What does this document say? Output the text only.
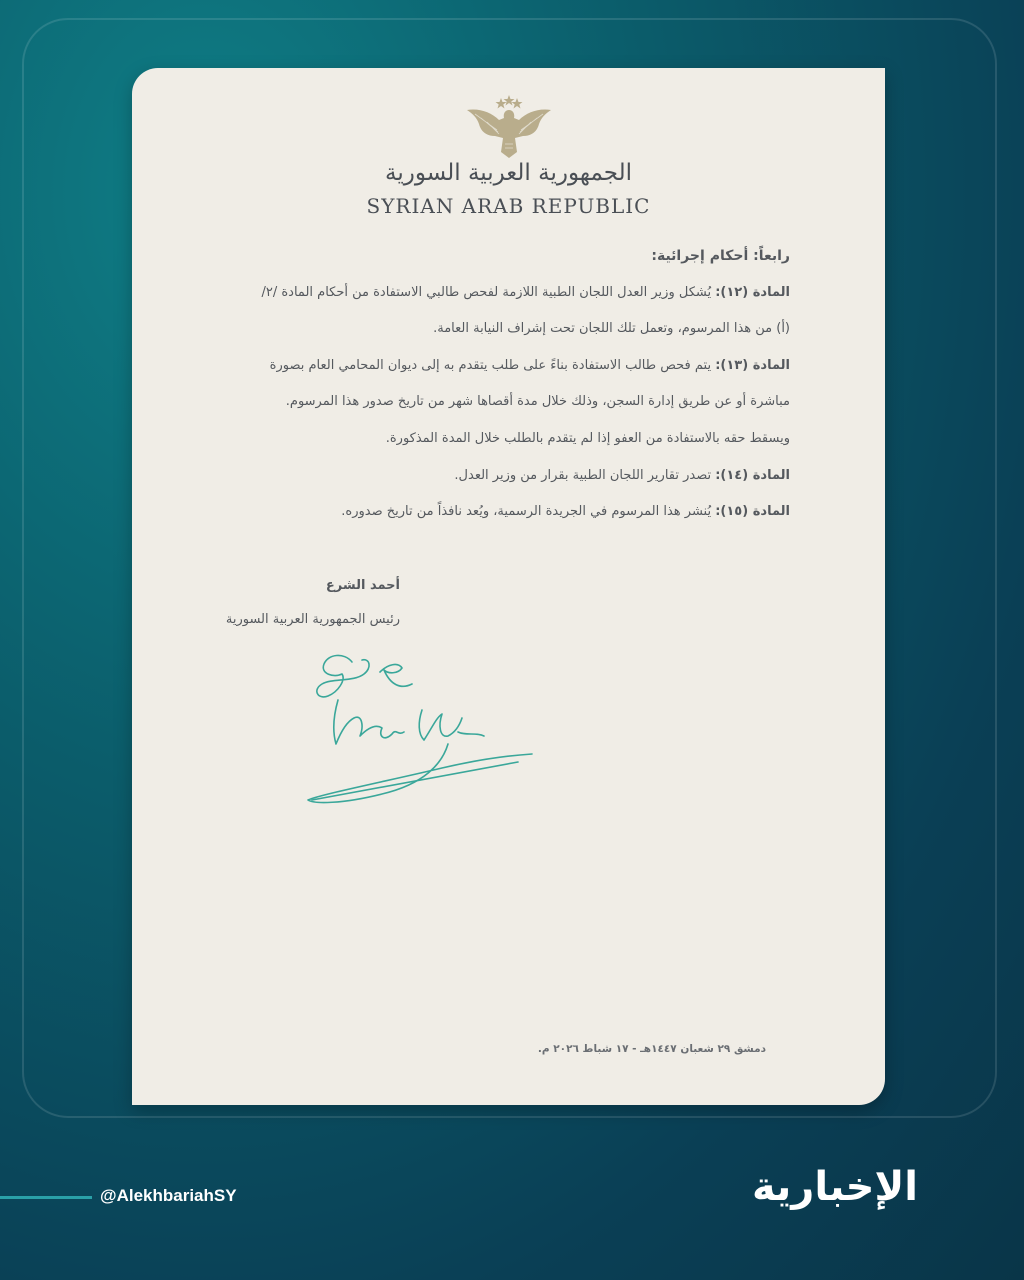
الجمهورية العربية السورية
SYRIAN ARAB REPUBLIC

رابعاً: أحكام إجرائية:

المادة (١٢): يُشكل وزير العدل اللجان الطبية اللازمة لفحص طالبي الاستفادة من أحكام المادة /٢/ (أ) من هذا المرسوم، وتعمل تلك اللجان تحت إشراف النيابة العامة.

المادة (١٣): يتم فحص طالب الاستفادة بناءً على طلب يتقدم به إلى ديوان المحامي العام بصورة مباشرة أو عن طريق إدارة السجن، وذلك خلال مدة أقصاها شهر من تاريخ صدور هذا المرسوم. ويسقط حقه بالاستفادة من العفو إذا لم يتقدم بالطلب خلال المدة المذكورة.

المادة (١٤): تصدر تقارير اللجان الطبية بقرار من وزير العدل.

المادة (١٥): يُنشر هذا المرسوم في الجريدة الرسمية، ويُعد نافذاً من تاريخ صدوره.

أحمد الشرع
رئيس الجمهورية العربية السورية
دمشق ٢٩ شعبان ١٤٤٧هـ - ١٧ شباط ٢٠٢٦ م.
@AlekhbariahSY	الإخبارية
